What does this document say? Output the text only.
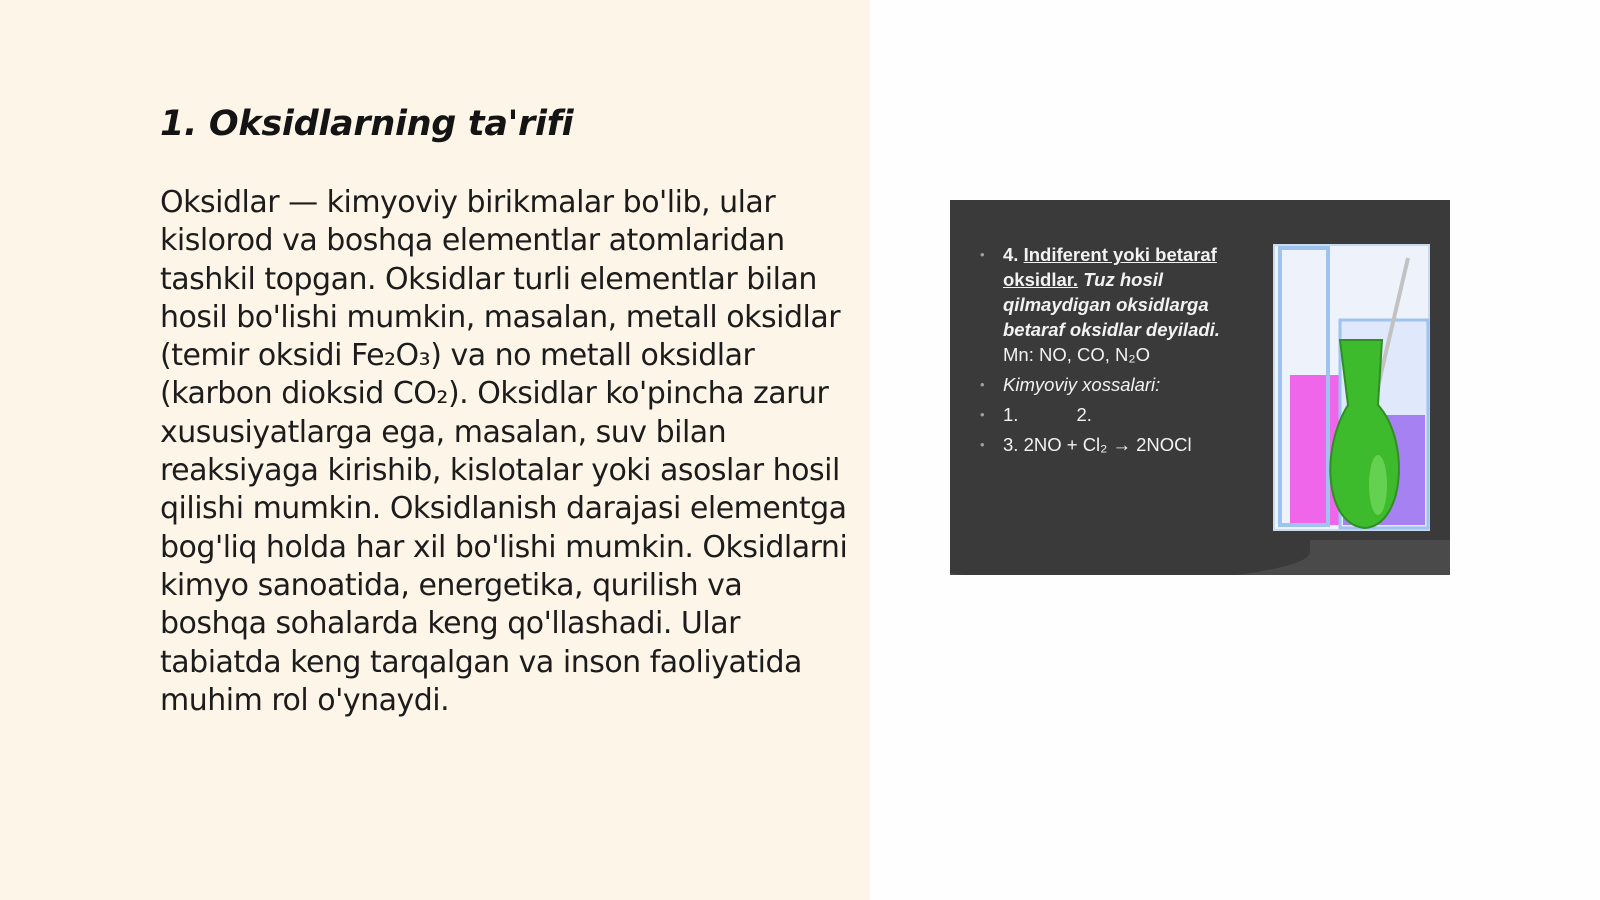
1. Oksidlarning ta'rifi

Oksidlar — kimyoviy birikmalar bo'lib, ular kislorod va boshqa elementlar atomlaridan tashkil topgan. Oksidlar turli elementlar bilan hosil bo'lishi mumkin, masalan, metall oksidlar (temir oksidi Fe₂O₃) va no metall oksidlar (karbon dioksid CO₂). Oksidlar ko'pincha zarur xususiyatlarga ega, masalan, suv bilan reaksiyaga kirishib, kislotalar yoki asoslar hosil qilishi mumkin. Oksidlanish darajasi elementga bog'liq holda har xil bo'lishi mumkin. Oksidlarni kimyo sanoatida, energetika, qurilish va boshqa sohalarda keng qo'llashadi. Ular tabiatda keng tarqalgan va inson faoliyatida muhim rol o'ynaydi.

• 4. Indiferent yoki betaraf oksidlar. Tuz hosil qilmaydigan oksidlarga betaraf oksidlar deyiladi. Mn: NO, CO, N₂O
• Kimyoviy xossalari:
• 1.	2.
• 3. 2NO + Cl₂ → 2NOCl
